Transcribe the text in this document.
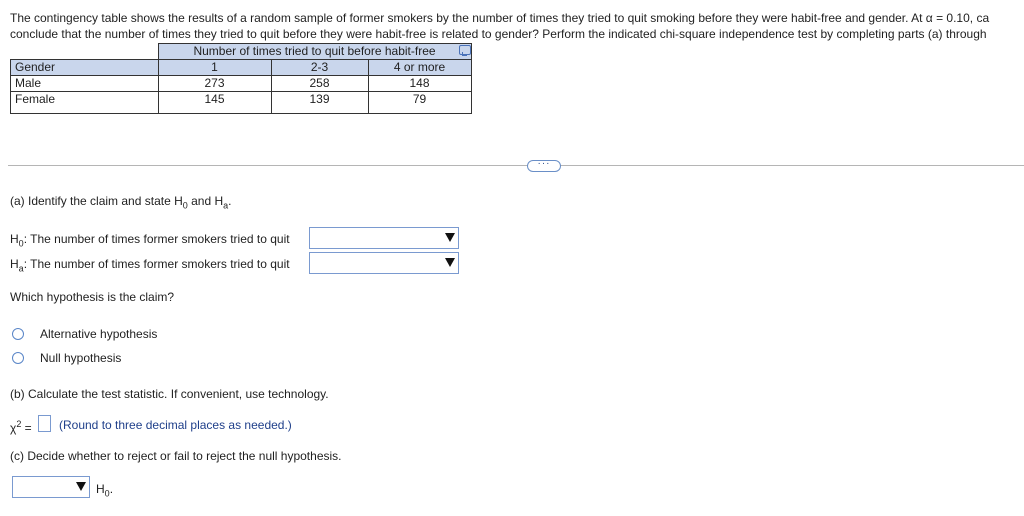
The contingency table shows the results of a random sample of former smokers by the number of times they tried to quit smoking before they were habit-free and gender. At α = 0.10, ca
conclude that the number of times they tried to quit before they were habit-free is related to gender? Perform the indicated chi-square independence test by completing parts (a) through
	Number of times tried to quit before habit-free		
Gender	1	2-3	4 or more
Male	273	258	148
Female	145	139	79
···
(a) Identify the claim and state $H_0$ and $H_a$.
$H_0$: The number of times former smokers tried to quit
$H_a$: The number of times former smokers tried to quit
Which hypothesis is the claim?
Alternative hypothesis
Null hypothesis
(b) Calculate the test statistic. If convenient, use technology.
$\chi^2$ = (Round to three decimal places as needed.)
(c) Decide whether to reject or fail to reject the null hypothesis.
$H_0$.
